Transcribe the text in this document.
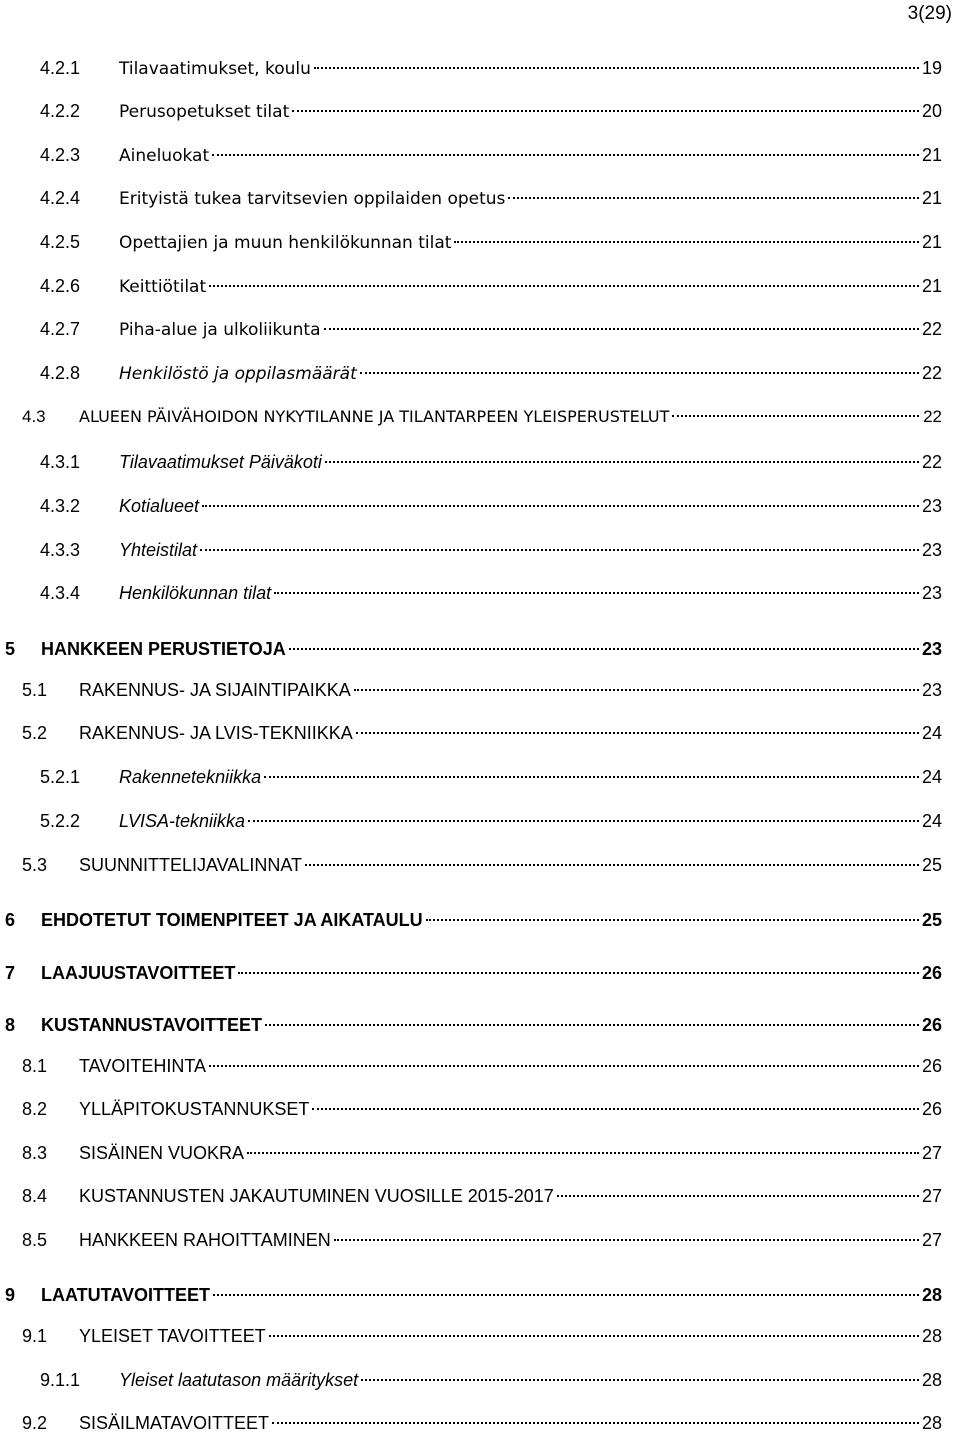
3(29)
4.2.1	Tilavaatimukset, koulu	19
4.2.2	Perusopetukset tilat	20
4.2.3	Aineluokat	21
4.2.4	Erityistä tukea tarvitsevien oppilaiden opetus	21
4.2.5	Opettajien ja muun henkilökunnan tilat	21
4.2.6	Keittiötilat	21
4.2.7	Piha-alue ja ulkoliikunta	22
4.2.8	Henkilöstö ja oppilasmäärät	22
4.3	ALUEEN PÄIVÄHOIDON NYKYTILANNE JA TILANTARPEEN YLEISPERUSTELUT	22
4.3.1	Tilavaatimukset Päiväkoti	22
4.3.2	Kotialueet	23
4.3.3	Yhteistilat	23
4.3.4	Henkilökunnan tilat	23
5	HANKKEEN PERUSTIETOJA	23
5.1	RAKENNUS- JA SIJAINTIPAIKKA	23
5.2	RAKENNUS- JA LVIS-TEKNIIKKA	24
5.2.1	Rakennetekniikka	24
5.2.2	LVISA-tekniikka	24
5.3	SUUNNITTELIJAVALINNAT	25
6	EHDOTETUT TOIMENPITEET JA AIKATAULU	25
7	LAAJUUSTAVOITTEET	26
8	KUSTANNUSTAVOITTEET	26
8.1	TAVOITEHINTA	26
8.2	YLLÄPITOKUSTANNUKSET	26
8.3	SISÄINEN VUOKRA	27
8.4	KUSTANNUSTEN JAKAUTUMINEN VUOSILLE 2015-2017	27
8.5	HANKKEEN RAHOITTAMINEN	27
9	LAATUTAVOITTEET	28
9.1	YLEISET TAVOITTEET	28
9.1.1	Yleiset laatutason määritykset	28
9.2	SISÄILMATAVOITTEET	28
